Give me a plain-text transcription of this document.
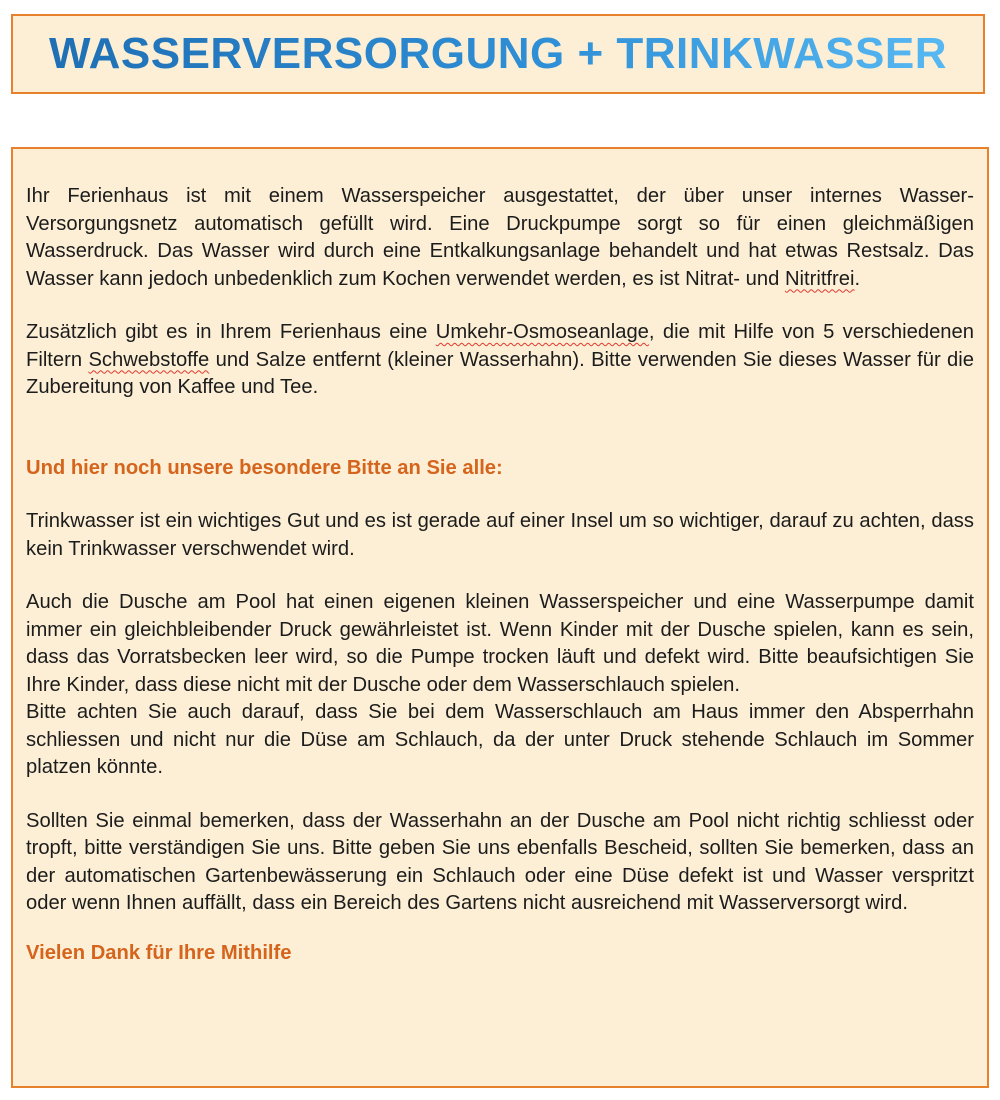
WASSERVERSORGUNG + TRINKWASSER

Ihr Ferienhaus ist mit einem Wasserspeicher ausgestattet, der über unser internes Wasser-Versorgungsnetz automatisch gefüllt wird. Eine Druckpumpe sorgt so für einen gleichmäßigen Wasserdruck. Das Wasser wird durch eine Entkalkungsanlage behandelt und hat etwas Restsalz. Das Wasser kann jedoch unbedenklich zum Kochen verwendet werden, es ist Nitrat- und Nitritfrei.

Zusätzlich gibt es in Ihrem Ferienhaus eine Umkehr-Osmoseanlage, die mit Hilfe von 5 verschiedenen Filtern Schwebstoffe und Salze entfernt (kleiner Wasserhahn). Bitte verwenden Sie dieses Wasser für die Zubereitung von Kaffee und Tee.

Und hier noch unsere besondere Bitte an Sie alle:

Trinkwasser ist ein wichtiges Gut und es ist gerade auf einer Insel um so wichtiger, darauf zu achten, dass kein Trinkwasser verschwendet wird.

Auch die Dusche am Pool hat einen eigenen kleinen Wasserspeicher und eine Wasserpumpe damit immer ein gleichbleibender Druck gewährleistet ist. Wenn Kinder mit der Dusche spielen, kann es sein, dass das Vorratsbecken leer wird, so die Pumpe trocken läuft und defekt wird. Bitte beaufsichtigen Sie Ihre Kinder, dass diese nicht mit der Dusche oder dem Wasserschlauch spielen.

Bitte achten Sie auch darauf, dass Sie bei dem Wasserschlauch am Haus immer den Absperrhahn schliessen und nicht nur die Düse am Schlauch, da der unter Druck stehende Schlauch im Sommer platzen könnte.

Sollten Sie einmal bemerken, dass der Wasserhahn an der Dusche am Pool nicht richtig schliesst oder tropft, bitte verständigen Sie uns. Bitte geben Sie uns ebenfalls Bescheid, sollten Sie bemerken, dass an der automatischen Gartenbewässerung ein Schlauch oder eine Düse defekt ist und Wasser verspritzt oder wenn Ihnen auffällt, dass ein Bereich des Gartens nicht ausreichend mit Wasserversorgt wird.

Vielen Dank für Ihre Mithilfe
